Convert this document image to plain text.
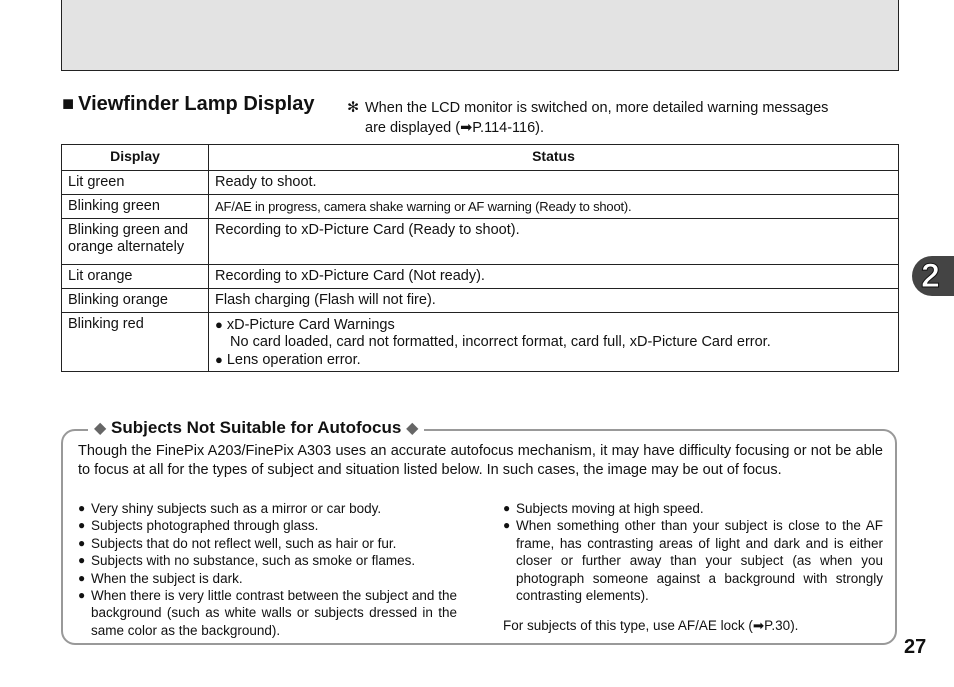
■ Viewfinder Lamp Display ✻ When the LCD monitor is switched on, more detailed warning messages
are displayed (➡P.114-116).
Display	Status
Lit green	Ready to shoot.
Blinking green	AF/AE in progress, camera shake warning or AF warning (Ready to shoot).
Blinking green and orange alternately	Recording to xD-Picture Card (Ready to shoot).
Lit orange	Recording to xD-Picture Card (Not ready).
Blinking orange	Flash charging (Flash will not fire).
Blinking red	● xD-Picture Card Warnings
No card loaded, card not formatted, incorrect format, card full, xD-Picture Card error.
● Lens operation error.
◆ Subjects Not Suitable for Autofocus ◆
Though the FinePix A203/FinePix A303 uses an accurate autofocus mechanism, it may have difficulty focusing or not be able to focus at all for the types of subject and situation listed below. In such cases, the image may be out of focus.
● Very shiny subjects such as a mirror or car body.
● Subjects photographed through glass.
● Subjects that do not reflect well, such as hair or fur.
● Subjects with no substance, such as smoke or flames.
● When the subject is dark.
● When there is very little contrast between the subject and the background (such as white walls or subjects dressed in the same color as the background).
● Subjects moving at high speed.
● When something other than your subject is close to the AF frame, has contrasting areas of light and dark and is either closer or further away than your subject (as when you photograph someone against a background with strongly contrasting elements).
For subjects of this type, use AF/AE lock (➡P.30).
2
27
